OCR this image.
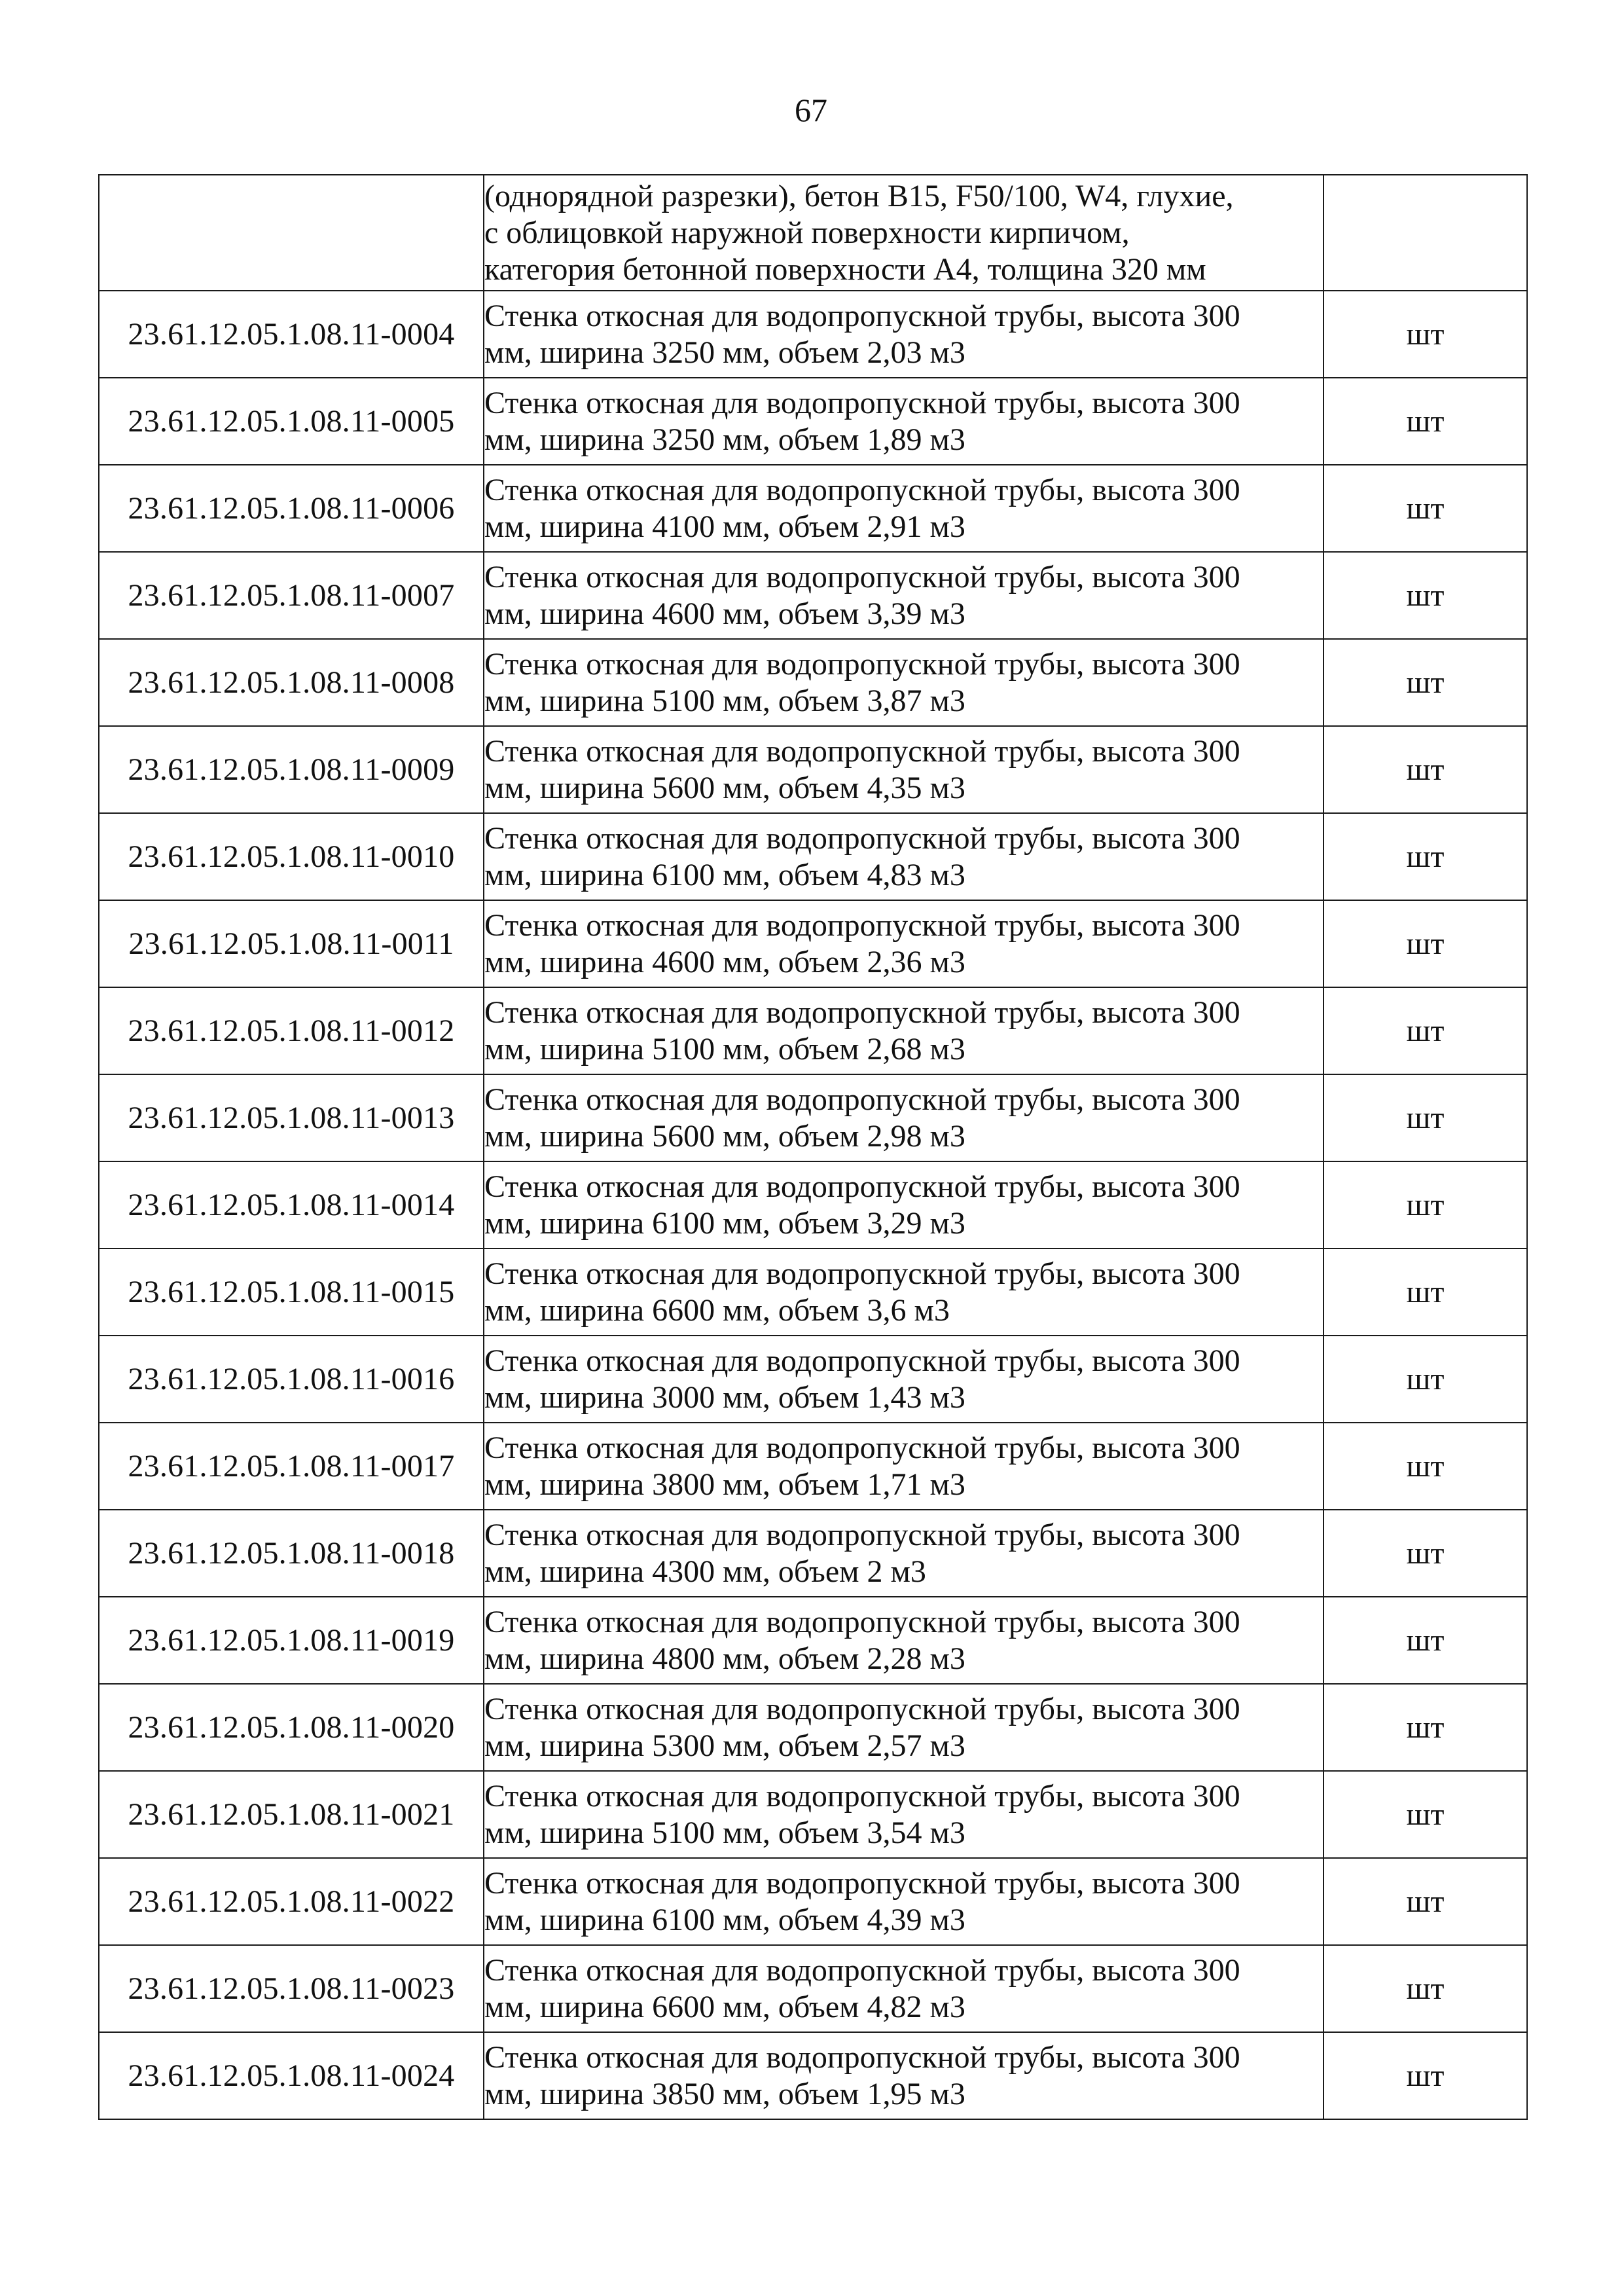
67

	(однорядной разрезки), бетон В15, F50/100, W4, глухие,
с облицовкой наружной поверхности кирпичом,
категория бетонной поверхности А4, толщина 320 мм	

23.61.12.05.1.08.11-0004	Стенка откосная для водопропускной трубы, высота 300
мм, ширина 3250 мм, объем 2,03 м3	шт
23.61.12.05.1.08.11-0005	Стенка откосная для водопропускной трубы, высота 300
мм, ширина 3250 мм, объем 1,89 м3	шт
23.61.12.05.1.08.11-0006	Стенка откосная для водопропускной трубы, высота 300
мм, ширина 4100 мм, объем 2,91 м3	шт
23.61.12.05.1.08.11-0007	Стенка откосная для водопропускной трубы, высота 300
мм, ширина 4600 мм, объем 3,39 м3	шт
23.61.12.05.1.08.11-0008	Стенка откосная для водопропускной трубы, высота 300
мм, ширина 5100 мм, объем 3,87 м3	шт
23.61.12.05.1.08.11-0009	Стенка откосная для водопропускной трубы, высота 300
мм, ширина 5600 мм, объем 4,35 м3	шт
23.61.12.05.1.08.11-0010	Стенка откосная для водопропускной трубы, высота 300
мм, ширина 6100 мм, объем 4,83 м3	шт
23.61.12.05.1.08.11-0011	Стенка откосная для водопропускной трубы, высота 300
мм, ширина 4600 мм, объем 2,36 м3	шт
23.61.12.05.1.08.11-0012	Стенка откосная для водопропускной трубы, высота 300
мм, ширина 5100 мм, объем 2,68 м3	шт
23.61.12.05.1.08.11-0013	Стенка откосная для водопропускной трубы, высота 300
мм, ширина 5600 мм, объем 2,98 м3	шт
23.61.12.05.1.08.11-0014	Стенка откосная для водопропускной трубы, высота 300
мм, ширина 6100 мм, объем 3,29 м3	шт
23.61.12.05.1.08.11-0015	Стенка откосная для водопропускной трубы, высота 300
мм, ширина 6600 мм, объем 3,6 м3	шт
23.61.12.05.1.08.11-0016	Стенка откосная для водопропускной трубы, высота 300
мм, ширина 3000 мм, объем 1,43 м3	шт
23.61.12.05.1.08.11-0017	Стенка откосная для водопропускной трубы, высота 300
мм, ширина 3800 мм, объем 1,71 м3	шт
23.61.12.05.1.08.11-0018	Стенка откосная для водопропускной трубы, высота 300
мм, ширина 4300 мм, объем 2 м3	шт
23.61.12.05.1.08.11-0019	Стенка откосная для водопропускной трубы, высота 300
мм, ширина 4800 мм, объем 2,28 м3	шт
23.61.12.05.1.08.11-0020	Стенка откосная для водопропускной трубы, высота 300
мм, ширина 5300 мм, объем 2,57 м3	шт
23.61.12.05.1.08.11-0021	Стенка откосная для водопропускной трубы, высота 300
мм, ширина 5100 мм, объем 3,54 м3	шт
23.61.12.05.1.08.11-0022	Стенка откосная для водопропускной трубы, высота 300
мм, ширина 6100 мм, объем 4,39 м3	шт
23.61.12.05.1.08.11-0023	Стенка откосная для водопропускной трубы, высота 300
мм, ширина 6600 мм, объем 4,82 м3	шт
23.61.12.05.1.08.11-0024	Стенка откосная для водопропускной трубы, высота 300
мм, ширина 3850 мм, объем 1,95 м3	шт
